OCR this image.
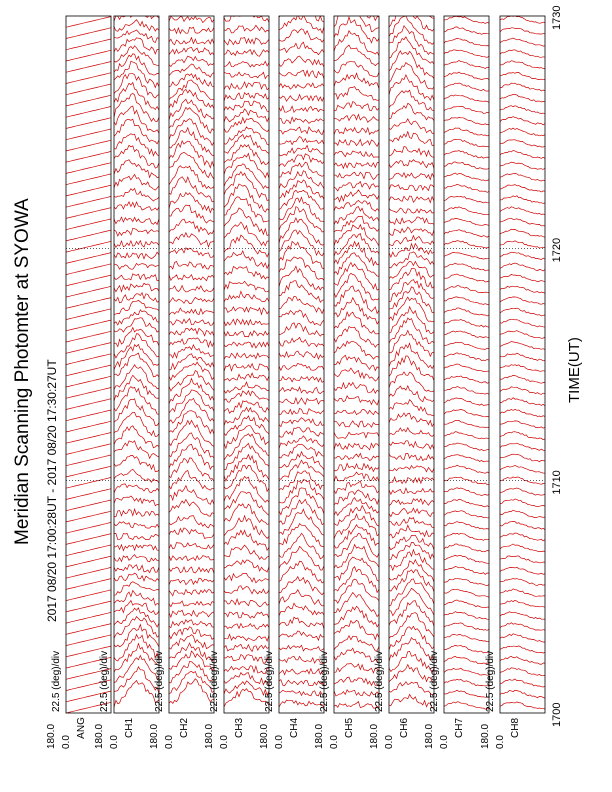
Meridian Scanning Photomter at SYOWA 2017 08/20 17:00:28UT - 2017 08/20 17:30:27UT	TIME(UT)
22.5 (deg)/div
180.0 0.0
ANG
22.5 (deg)/div
180.0 0.0
CH1
22.5 (deg)/div
180.0 0.0
CH2
22.5 (deg)/div
180.0 0.0
CH3
22.5 (deg)/div
180.0 0.0
CH4
22.5 (deg)/div
180.0 0.0
CH5
22.5 (deg)/div
180.0 0.0
CH6
22.5 (deg)/div
180.0 0.0
CH7
22.5 (deg)/div
180.0 0.0
CH8
1700
1710
1720
1730
